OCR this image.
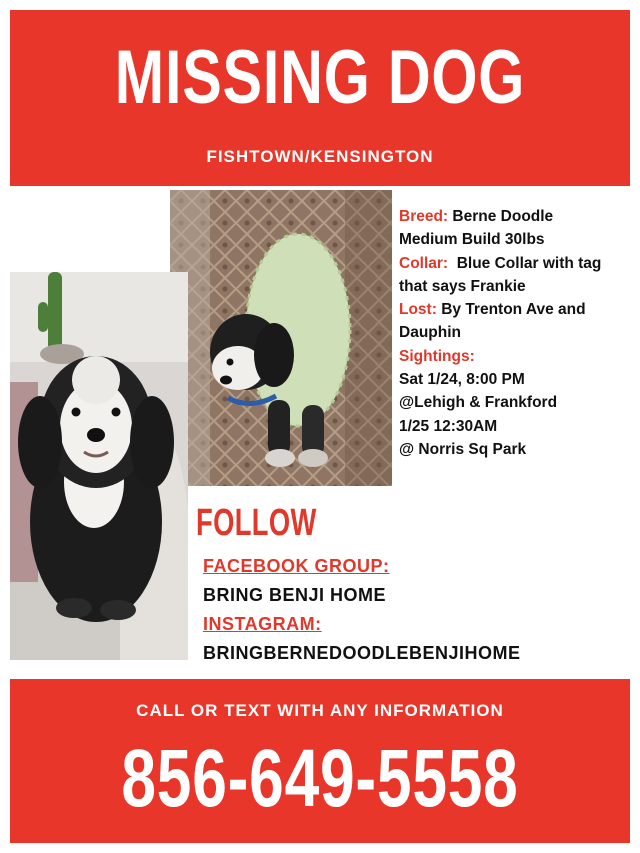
MISSING DOG
FISHTOWN/KENSINGTON
Breed: Berne Doodle
Medium Build 30lbs
Collar:  Blue Collar with tag
that says Frankie
Lost: By Trenton Ave and
Dauphin
Sightings:
Sat 1/24, 8:00 PM
@Lehigh & Frankford
1/25 12:30AM
@ Norris Sq Park
FOLLOW
FACEBOOK GROUP:
BRING BENJI HOME
INSTAGRAM:
BRINGBERNEDOODLEBENJIHOME
CALL OR TEXT WITH ANY INFORMATION
856-649-5558
